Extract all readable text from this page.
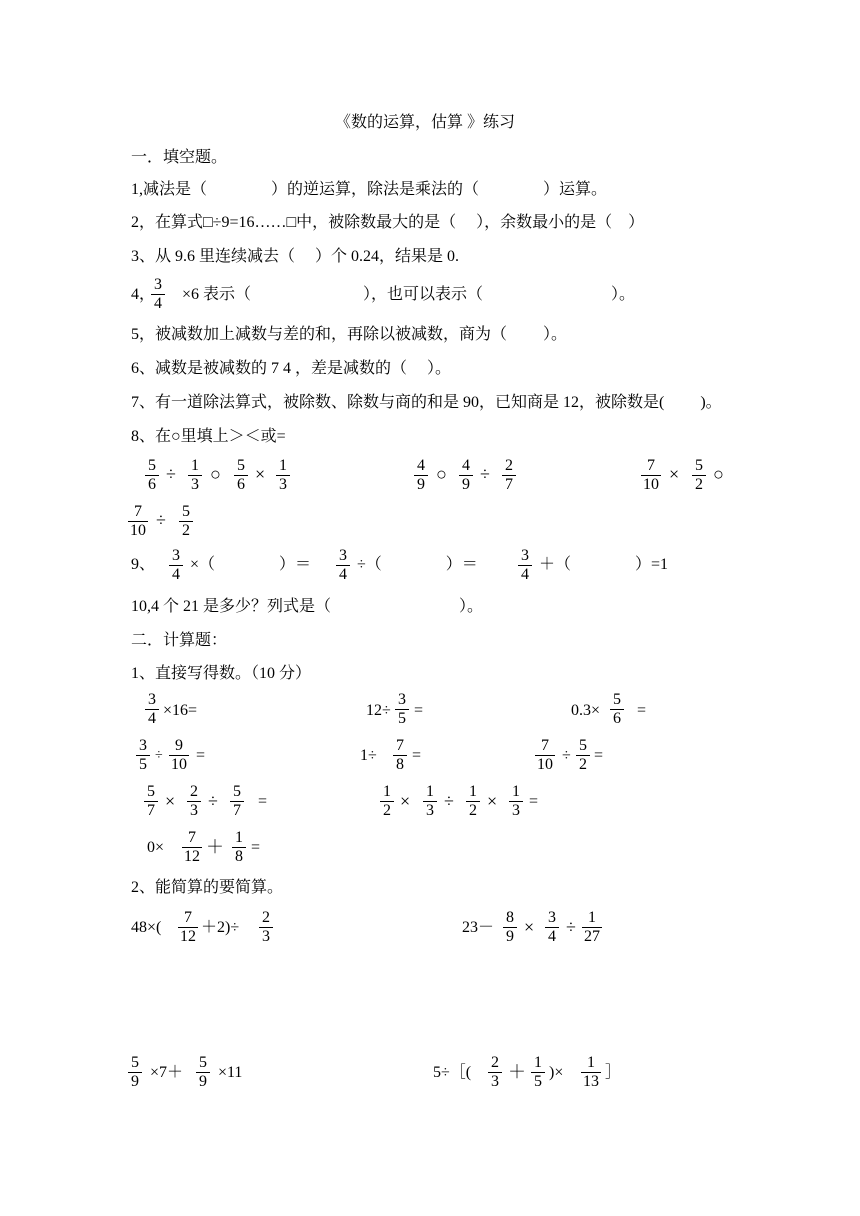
《数的运算，估算 》练习
一．填空题。
1,减法是（　　　　）的逆运算，除法是乘法的（　　　　）运算。
2，在算式□÷9=16……□中，被除数最大的是（　 ），余数最小的是（　）
3、从 9.6 里连续减去（　 ）个 0.24，结果是 0.
4，
$\frac{3}{4} \times 6$ 表示（　　　　　　　），也可以表示（　　　　　　　　）。
5，被减数加上减数与差的和，再除以被减数，商为（　　 ）。
6、减数是被减数的 7 4 ，差是减数的（　 ）。
7、有一道除法算式，被除数、除数与商的和是 90，已知商是 12，被除数是(　　 )。
8、在○里填上＞＜或=
$\frac{5}{6} \div \frac{1}{3}$ ○ $\frac{5}{6} \times \frac{1}{3}$	$\frac{4}{9}$ ○ $\frac{4}{9} \div \frac{2}{7}$	$\frac{7}{10} \times \frac{5}{2}$ ○
$\frac{7}{10} \div \frac{5}{2}$
9、 $\frac{3}{4}$ ×（　　　　）＝ $\frac{3}{4}$ ÷（　　　　）＝	$\frac{3}{4}$ ＋（　　　　）=1
10,4 个 21 是多少？列式是（　　　　　　　　）。
二．计算题：
1、直接写得数。（10 分）
$\frac{3}{4} \times 16=$	$12\div \frac{3}{5}$ =	$0.3\times \frac{5}{6}$ =
$\frac{3}{5} \div \frac{9}{10}$ =	$1\div \frac{7}{8}$ =	$\frac{7}{10} \div \frac{5}{2}$ =
$\frac{5}{7} \times \frac{2}{3} \div \frac{5}{7}$ =	$\frac{1}{2} \times \frac{1}{3} \div \frac{1}{2} \times \frac{1}{3}$ =
$0\times \frac{7}{12} + \frac{1}{8}$ =
2、能简算的要简算。
$48\times( \frac{7}{12} +2)\div \frac{2}{3}$	$23- \frac{8}{9} \times \frac{3}{4} \div \frac{1}{27}$
$\frac{5}{9} \times 7+ \frac{5}{9} \times 11$	5÷［( $\frac{2}{3} + \frac{1}{5}$ )× $\frac{1}{13}$ ］
